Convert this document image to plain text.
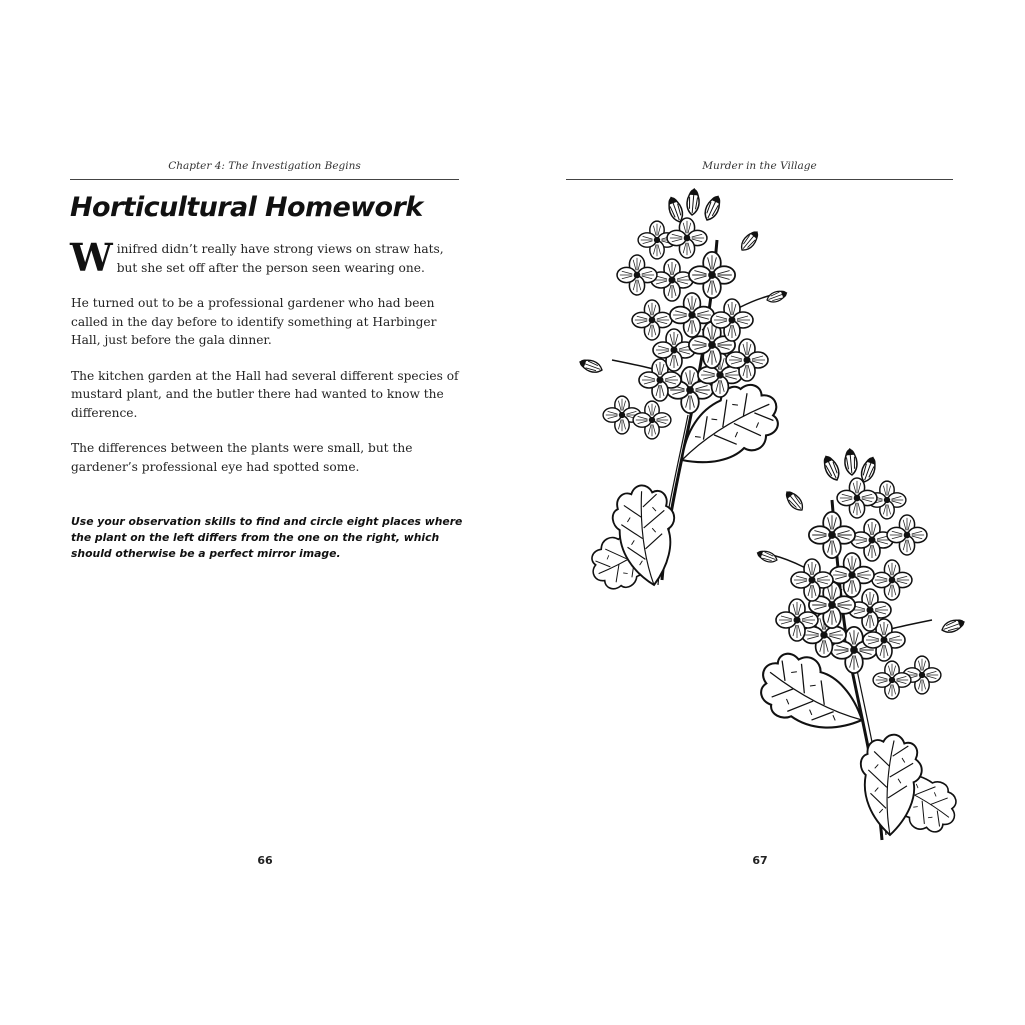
Chapter 4: The Investigation Begins
Horticultural Homework

Winifred didn’t really have strong views on straw hats, but she set off after the person seen wearing one.

He turned out to be a professional gardener who had been called in the day before to identify something at Harbinger Hall, just before the gala dinner.

The kitchen garden at the Hall had several different species of mustard plant, and the butler there had wanted to know the difference.

The differences between the plants were small, but the gardener’s professional eye had spotted some.

Use your observation skills to find and circle eight places where the plant on the left differs from the one on the right, which should otherwise be a perfect mirror image.
66
Murder in the Village
67
